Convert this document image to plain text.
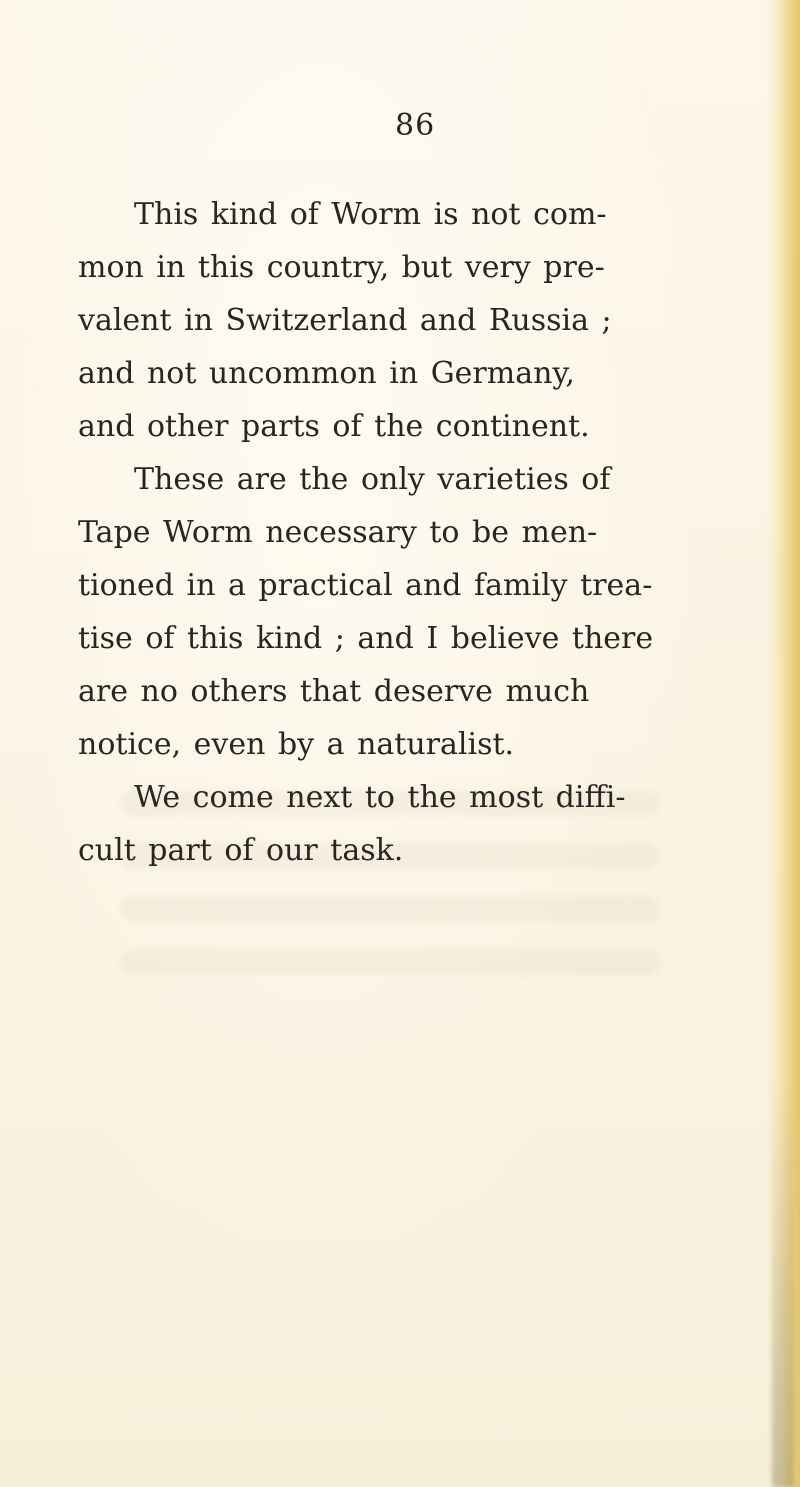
86
This kind of Worm is not com-
mon in this country, but very pre-
valent in Switzerland and Russia ;
and not uncommon in Germany,
and other parts of the continent.
These are the only varieties of
Tape Worm necessary to be men-
tioned in a practical and family trea-
tise of this kind ; and I believe there
are no others that deserve much
notice, even by a naturalist.
We come next to the most diffi-
cult part of our task.
